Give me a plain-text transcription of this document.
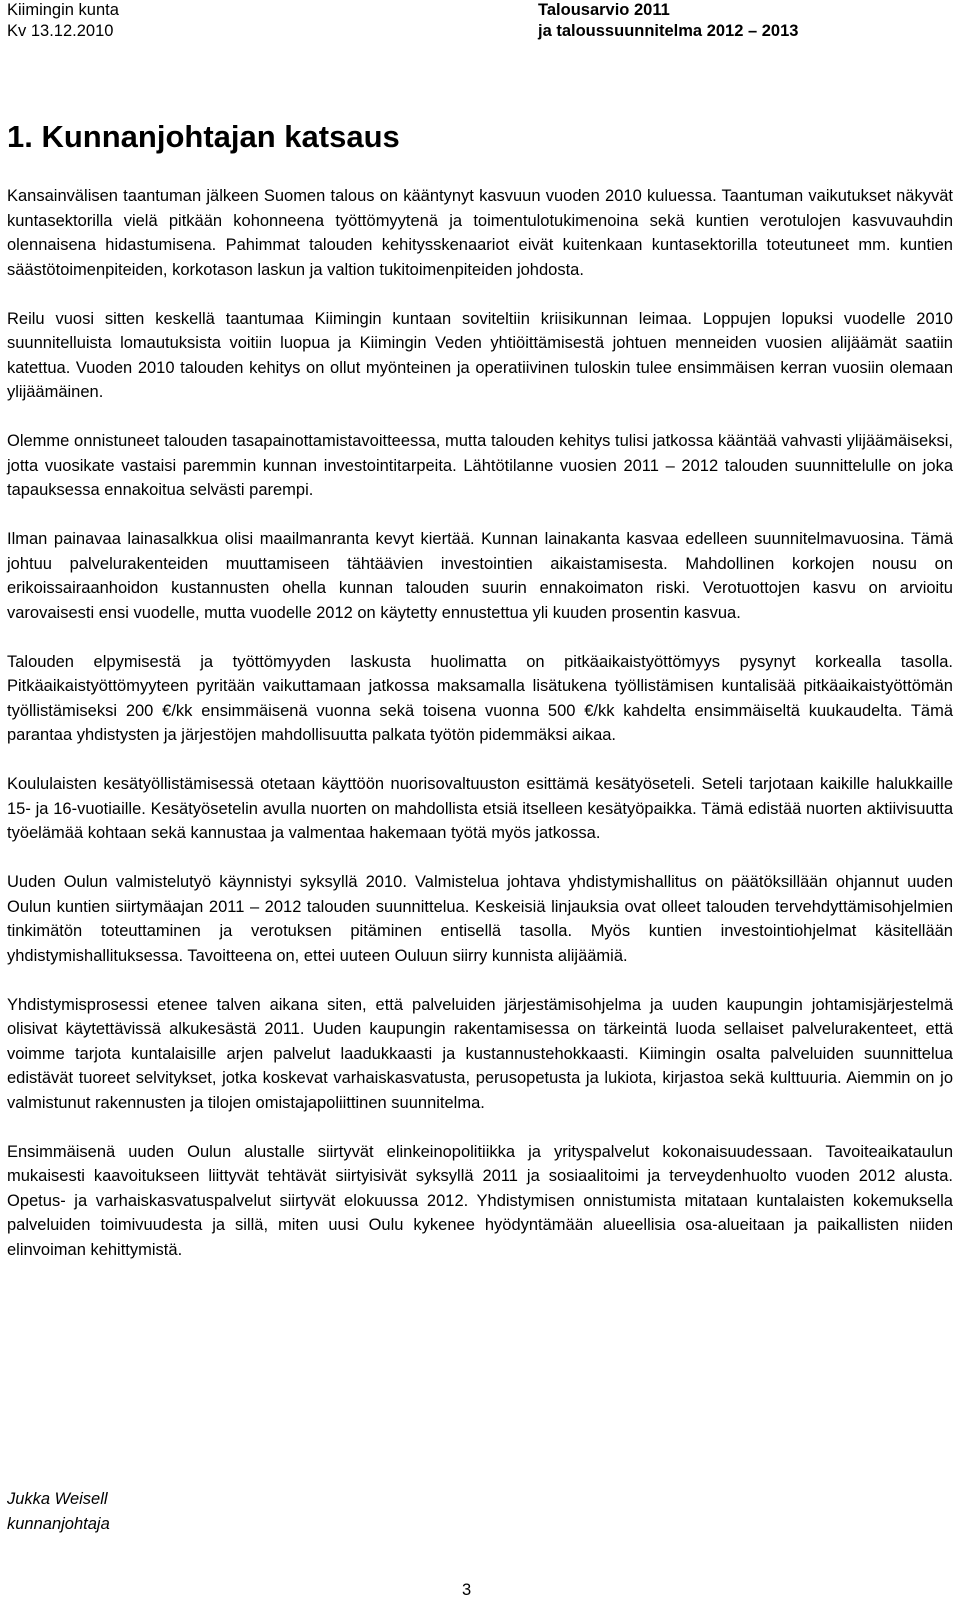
Kiimingin kunta
Kv 13.12.2010
Talousarvio 2011
ja taloussuunnitelma 2012 – 2013
1. Kunnanjohtajan katsaus

Kansainvälisen taantuman jälkeen Suomen talous on kääntynyt kasvuun vuoden 2010 kuluessa. Taantuman vaikutukset näkyvät kuntasektorilla vielä pitkään kohonneena työttömyytenä ja toimentulotukimenoina sekä kuntien verotulojen kasvuvauhdin olennaisena hidastumisena. Pahimmat talouden kehitysskenaariot eivät kuitenkaan kuntasektorilla toteutuneet mm. kuntien säästötoimenpiteiden, korkotason laskun ja valtion tukitoimenpiteiden johdosta.

Reilu vuosi sitten keskellä taantumaa Kiimingin kuntaan soviteltiin kriisikunnan leimaa. Loppujen lopuksi vuodelle 2010 suunnitelluista lomautuksista voitiin luopua ja Kiimingin Veden yhtiöittämisestä johtuen menneiden vuosien alijäämät saatiin katettua. Vuoden 2010 talouden kehitys on ollut myönteinen ja operatiivinen tuloskin tulee ensimmäisen kerran vuosiin olemaan ylijäämäinen.

Olemme onnistuneet talouden tasapainottamistavoitteessa, mutta talouden kehitys tulisi jatkossa kääntää vahvasti ylijäämäiseksi, jotta vuosikate vastaisi paremmin kunnan investointitarpeita. Lähtötilanne vuosien 2011 – 2012 talouden suunnittelulle on joka tapauksessa ennakoitua selvästi parempi.

Ilman painavaa lainasalkkua olisi maailmanranta kevyt kiertää. Kunnan lainakanta kasvaa edelleen suunnitelmavuosina. Tämä johtuu palvelurakenteiden muuttamiseen tähtäävien investointien aikaistamisesta. Mahdollinen korkojen nousu on erikoissairaanhoidon kustannusten ohella kunnan talouden suurin ennakoimaton riski. Verotuottojen kasvu on arvioitu varovaisesti ensi vuodelle, mutta vuodelle 2012 on käytetty ennustettua yli kuuden prosentin kasvua.

Talouden elpymisestä ja työttömyyden laskusta huolimatta on pitkäaikaistyöttömyys pysynyt korkealla tasolla. Pitkäaikaistyöttömyyteen pyritään vaikuttamaan jatkossa maksamalla lisätukena työllistämisen kuntalisää pitkäaikaistyöttömän työllistämiseksi 200 €/kk ensimmäisenä vuonna sekä toisena vuonna 500 €/kk kahdelta ensimmäiseltä kuukaudelta. Tämä parantaa yhdistysten ja järjestöjen mahdollisuutta palkata työtön pidemmäksi aikaa.

Koululaisten kesätyöllistämisessä otetaan käyttöön nuorisovaltuuston esittämä kesätyöseteli. Seteli tarjotaan kaikille halukkaille 15- ja 16-vuotiaille. Kesätyösetelin avulla nuorten on mahdollista etsiä itselleen kesätyöpaikka. Tämä edistää nuorten aktiivisuutta työelämää kohtaan sekä kannustaa ja valmentaa hakemaan työtä myös jatkossa.

Uuden Oulun valmistelutyö käynnistyi syksyllä 2010. Valmistelua johtava yhdistymishallitus on päätöksillään ohjannut uuden Oulun kuntien siirtymäajan 2011 – 2012 talouden suunnittelua. Keskeisiä linjauksia ovat olleet talouden tervehdyttämisohjelmien tinkimätön toteuttaminen ja verotuksen pitäminen entisellä tasolla. Myös kuntien investointiohjelmat käsitellään yhdistymishallituksessa. Tavoitteena on, ettei uuteen Ouluun siirry kunnista alijäämiä.

Yhdistymisprosessi etenee talven aikana siten, että palveluiden järjestämisohjelma ja uuden kaupungin johtamisjärjestelmä olisivat käytettävissä alkukesästä 2011. Uuden kaupungin rakentamisessa on tärkeintä luoda sellaiset palvelurakenteet, että voimme tarjota kuntalaisille arjen palvelut laadukkaasti ja kustannustehokkaasti. Kiimingin osalta palveluiden suunnittelua edistävät tuoreet selvitykset, jotka koskevat varhaiskasvatusta, perusopetusta ja lukiota, kirjastoa sekä kulttuuria. Aiemmin on jo valmistunut rakennusten ja tilojen omistajapoliittinen suunnitelma.

Ensimmäisenä uuden Oulun alustalle siirtyvät elinkeinopolitiikka ja yrityspalvelut kokonaisuudessaan. Tavoiteaikataulun mukaisesti kaavoitukseen liittyvät tehtävät siirtyisivät syksyllä 2011 ja sosiaalitoimi ja terveydenhuolto vuoden 2012 alusta. Opetus- ja varhaiskasvatuspalvelut siirtyvät elokuussa 2012. Yhdistymisen onnistumista mitataan kuntalaisten kokemuksella palveluiden toimivuudesta ja sillä, miten uusi Oulu kykenee hyödyntämään alueellisia osa-alueitaan ja paikallisten niiden elinvoiman kehittymistä.

Jukka Weisell
kunnanjohtaja
3
